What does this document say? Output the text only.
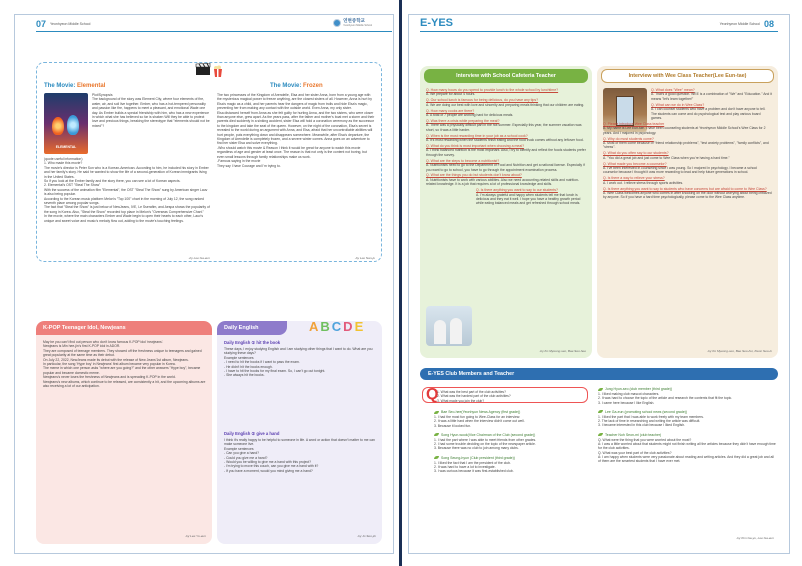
07 Yeonhyeon Middle School
연현중학교
Yeonhyeon Middle School
The Movie: Elemental
ELEMENTAL
Plot/Synopsis
The background of the story was Element City, where four elements of fire, water, air, and soil live together. Ember, who has a hot-tempered personality and passion like fire, happens to meet a pleasant, and emotional Wade one day. As Ember builds a special friendship with him, who has a new experience in which what she has believed so far is shaken Will they be able to protect love and precious things, breaking the stereotype that "elements should not be mixed"?
(quote useful information)
1. Who made this movie?
The movie's director is Peter Son who is a Korean-American. According to him, he included his story in Ember and her family's story. He said he wanted to show the life of a second-generation of Korean immigrants living in the United States.
So if you look at the Ember family and the story there, you can see a lot of Korean aspects.
2. Elemental's OST "Steal The Show"
With the success of the animation film "Elemental", the OST "Steal The Show" sung by American singer Lauv is also being popular.
According to the Korean music platform Melon's "Top 100" chart in the morning of July 12, the song ranked seventh place among popular songs.
The fact that "Steal the Show" is just below of NewJeans, IVE, Le Sserafim, and Aespa shows the popularity of the song in Korea. Also, "Steal the Show" recorded top place in Melon's "Overseas Comprehensive Chart."
In the movie, where the main characters Ember and Wade begin to open their hearts to each other, Lauv's unique and sweet voice and music's melody flow out, adding to the movie's touching feelings.
-by Lee Ga-eun
The Movie: Frozen
The two princesses of the Kingdom of Arendelle, Elsa and her sister Anna, born from a young age with the mysterious magical power to freeze anything, are the closest sisters of all. However, Anna is hurt by Elsa's magic as a child, and her parents hear the dangers of magic from trolls and hide Elsa's magic, preventing her from making any contact with the outside world. Even Anna, my only sister.
Elsa distanced herself from Anna as she felt guilty for hurting Anna, and the two sisters, who were closer than anyone else, grew apart. As the years pass, after the father and mother's boat met a storm and their parents died suddenly in a sinking accident, sister Elsa will hold a coronation ceremony as the successor to the kingdom and take the seat of the queen. However, on the night of the coronation, Elsa's secret is revealed to the world during an argument with Anna, and Elsa, afraid that her uncontrollable abilities will hurt people, puts everything down and disappears somewhere. Meanwhile, after Elsa's departure, the Kingdom of Arendelle is completely frozen, and a severe winter comes. Anna goes on an adventure to find her sister Elsa and solve everything.
-Who should watch this movie & Reason I think it would be great for anyone to watch this movie regardless of age and gender at least once. The reason is that not only is the content not boring, but even small lessons through family relationships make us work.
-Famous saying in the movie
They say I have Courage and I'm trying to.
-by Lee Nan-ju
K-POP Teenager Idol, Newjeans
May be you can't find out person who don't know famous K-POP idol 'newjeans'.
Newjeans is Min hee-jin's first K-POP idol in ADOR.
They are composed of teenage members. They showed off the freshness unique to teenagers and gained great popularity at the same time as their debut.
On July 22, 2022, NewJeans made its debut with the release of New Jeans'1st album, Newjeans.
In particular, the song 'Hype boy' in Newjeans' first album became very popular in Korea.
The meme in which one person asks "where are you going?" and the other answers "Hype boy", became popular and became domestic meme.
Newjeans's never loses the freshness of Newjeans and is spreading K-POP in the world.
Newjeans's new albums, which continue to be released, are consistently a hit, and the upcoming albums are also receiving a lot of our anticipation.
-by Lee Yu-eun
Daily English	A B C D E
Daily English ① hit the book
These days, I enjoy studying English and I am studying other things that I want to do. What are you studying these days?
Example sentences
- I need to hit the books if I want to pass the exam.
- He didn't hit the books enough.
- I have to hit the books for my final exam. So, I can't go out tonight.
- She always hit the books.
Daily English ② give a hand
I think it's really happy to be helpful to someone in life. A word or action that doesn't matter to me can make someone live.
Example sentences
- Can you give a hand?
- Could you give me a hand?
- Would you be willing to give me a hand with this project?
- I'm trying to move this couch, can you give me a hand with it?
- If you have a moment, would you mind giving me a hand?
-by Jo Seo-jin
E-YES	Yeonhyeon Middle School 08
Interview with School Cafeteria Teacher
Q. How many hours do you spend to provide lunch to the whole school by lunchtime?
A. We prepare for about 4 hours.
Q. Our school lunch is famous for being delicious, do you have any tips?
A. We are doing our best with love and sincerity and preparing meals thinking that our children are eating.
Q. How many cooks are there?
A. A total of 7 people are working hard for delicious meals.
Q. Was there a crisis while preparing the meal?
A. There was a physically difficult part in the hot summer. Especially this year, the summer vacation was short, so it was a little harder.
Q. When is the most rewarding time in your job as a school cook?
A. It's most rewarding when the students finish eating and the food truck comes without any leftover food.
Q. What do you think is most important when choosing a meal?
A. I think balanced nutrition is the most important. Also, I try to identify and reflect the foods students prefer through the survey.
Q. What are the steps to become a nutritionist?
A. Nutritionists need to go to the Department of Food and Nutrition and get a national license. Especially if you want to go to school, you have to go through the appointment examination process.
Q. What are the things you do but students don't know about?
A. Nutritionists have to work with various abilities. Also we need accounting-related skills and nutrition-related knowledge. It is a job that requires a lot of professional knowledge and skills.
Q. Is there anything you want to say to our students?
A. I'm always grateful and happy when students tell me that lunch is delicious and they eat it well. I hope you have a healthy growth period while eating balanced meals and get refreshed through school meals.
-by Ko Myeong-seo, Bae Seo-hee
Interview with Wee Class Teacher(Lee Eun-tae)
Q. What does "Wee" mean?
A. That's a good question. WEE is a combination of "We" and "Education." And it means "let's learn together!"
Q. What can we do in Wee Class?
A. I can counsel students who have a problem and don't have anyone to tell. The students can come and do psychological test and play various board games.
Q. Please introduce Wee Class teacher
A. My name is Lee Eun-tae. I have been counseling students at Yeonhyeon Middle School's Wee Class for 2 years. And I majored in psychology.
Q. Why do most students come?
A. Most of them come because of "friend relationship problems", "test anxiety problems", "family conflicts", and "stress".
Q. What do you often say to our students?
A. "You did a great job and just come to Wee Class when you're having a hard time."
Q. What made you become a counselor?
A. I've been interested in counseling since I was young. So I majored in psychology. I became a school counselor because I thought it was more rewarding to lead and help future generations in school.
Q. Is there a way to relieve your stress?
A. I work out. I relieve stress through sports activities.
Q. Is there anything you want to say to students who have concerns but are afraid to come to Wee Class?
A. Wee Class welcomes anyone who comes in after knocking on the door without worrying about being criticized by anyone. So if you have a hard time psychologically, please come to the Wee Class anytime.
-by Ko Myeong-seo, Bae Seo-hui, Kwon Seo-in
E-YES Club Members and Teacher
Q
1. What was the best part of the club activities?
2. What was the hardest part of the club activities?
3. What made you join the club?
Bae Seo-hee(Yeonhyun News Agency (first grade))
1. I had the most fun going to Wee-Class for an interview.
2. It was a little hard when the interview didn't come out well.
3. Because it looked fun.
Song Hyun-wook(Vice Chairman of the Club (second grade))
1. I had the part where I was able to meet friends from other grades.
2. I had some trouble deciding on the topic of the newspaper article.
3. Because there was no club to join among many clubs.
Song Seung-hyun (Club president (third grade))
1. I liked the fact that I am the president of the club.
2. It was hard to have a lot to investigate.
3. I was curious because it was first-established club.
Jung Hyun-seo (club member (third grade))
1. I liked making club mascot characters.
2. It was hard to choose the topic of the article and research the contents that fit the topic.
3. I came here because I like English.
Lee Ga-eun (promoting school news (second grade))
1. I liked the part that I was able to work freely with my team members.
2. The lack of time in researching and writing the article was difficult.
3. I became interested in this club because I liked English.
Teacher Noh Seon-mi (club teacher)
Q. What were the thing that you were worried about the most?
A: I was a little worried about that students might not finish writing all the articles because they didn't have enough time for the club activities.
Q. What was your best part of the club activities?
A: I am happy when students were very passionate about reading and writing articles. And they did a great job and all of them are the smartest students that I have ever met.
-by Kim Ga-yu, Lee Ga-eun
